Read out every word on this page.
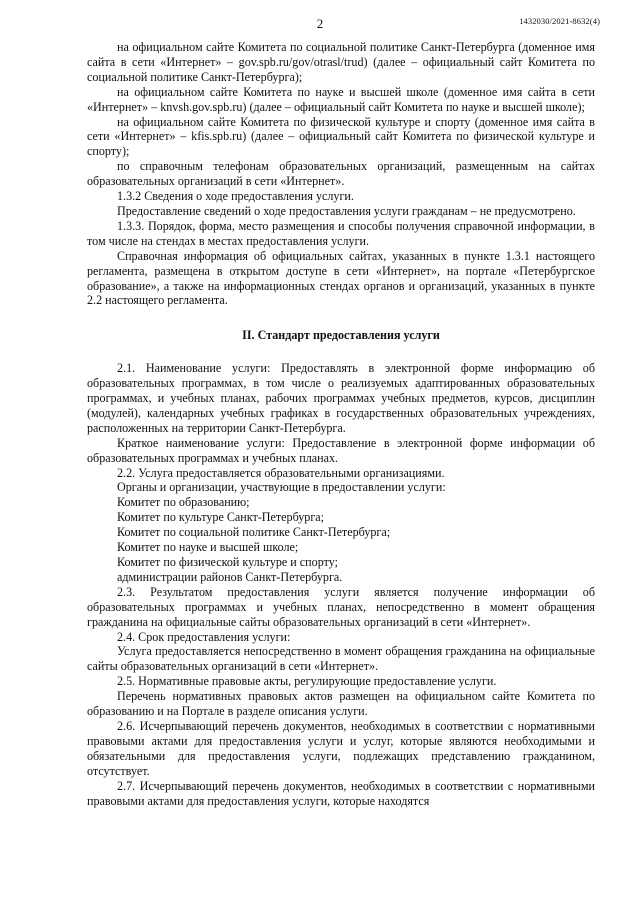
2	1432030/2021-8632(4)

на официальном сайте Комитета по социальной политике Санкт-Петербурга (доменное имя сайта в сети «Интернет» – gov.spb.ru/gov/otrasl/trud) (далее – официальный сайт Комитета по социальной политике Санкт-Петербурга);

на официальном сайте Комитета по науке и высшей школе (доменное имя сайта в сети «Интернет» – knvsh.gov.spb.ru) (далее – официальный сайт Комитета по науке и высшей школе);

на официальном сайте Комитета по физической культуре и спорту (доменное имя сайта в сети «Интернет» – kfis.spb.ru) (далее – официальный сайт Комитета по физической культуре и спорту);

по справочным телефонам образовательных организаций, размещенным на сайтах образовательных организаций в сети «Интернет».

1.3.2 Сведения о ходе предоставления услуги.

Предоставление сведений о ходе предоставления услуги гражданам – не предусмотрено.

1.3.3. Порядок, форма, место размещения и способы получения справочной информации, в том числе на стендах в местах предоставления услуги.

Справочная информация об официальных сайтах, указанных в пункте 1.3.1 настоящего регламента, размещена в открытом доступе в сети «Интернет», на портале «Петербургское образование», а также на информационных стендах органов и организаций, указанных в пункте 2.2 настоящего регламента.

II. Стандарт предоставления услуги

2.1. Наименование услуги: Предоставлять в электронной форме информацию об образовательных программах, в том числе о реализуемых адаптированных образовательных программах, и учебных планах, рабочих программах учебных предметов, курсов, дисциплин (модулей), календарных учебных графиках в государственных образовательных учреждениях, расположенных на территории Санкт-Петербурга.

Краткое наименование услуги: Предоставление в электронной форме информации об образовательных программах и учебных планах.

2.2. Услуга предоставляется образовательными организациями.

Органы и организации, участвующие в предоставлении услуги:

Комитет по образованию;

Комитет по культуре Санкт-Петербурга;

Комитет по социальной политике Санкт-Петербурга;

Комитет по науке и высшей школе;

Комитет по физической культуре и спорту;

администрации районов Санкт-Петербурга.

2.3. Результатом предоставления услуги является получение информации об образовательных программах и учебных планах, непосредственно в момент обращения гражданина на официальные сайты образовательных организаций в сети «Интернет».

2.4. Срок предоставления услуги:

Услуга предоставляется непосредственно в момент обращения гражданина на официальные сайты образовательных организаций в сети «Интернет».

2.5. Нормативные правовые акты, регулирующие предоставление услуги.

Перечень нормативных правовых актов размещен на официальном сайте Комитета по образованию и на Портале в разделе описания услуги.

2.6. Исчерпывающий перечень документов, необходимых в соответствии с нормативными правовыми актами для предоставления услуги и услуг, которые являются необходимыми и обязательными для предоставления услуги, подлежащих представлению гражданином, отсутствует.

2.7. Исчерпывающий перечень документов, необходимых в соответствии с нормативными правовыми актами для предоставления услуги, которые находятся
